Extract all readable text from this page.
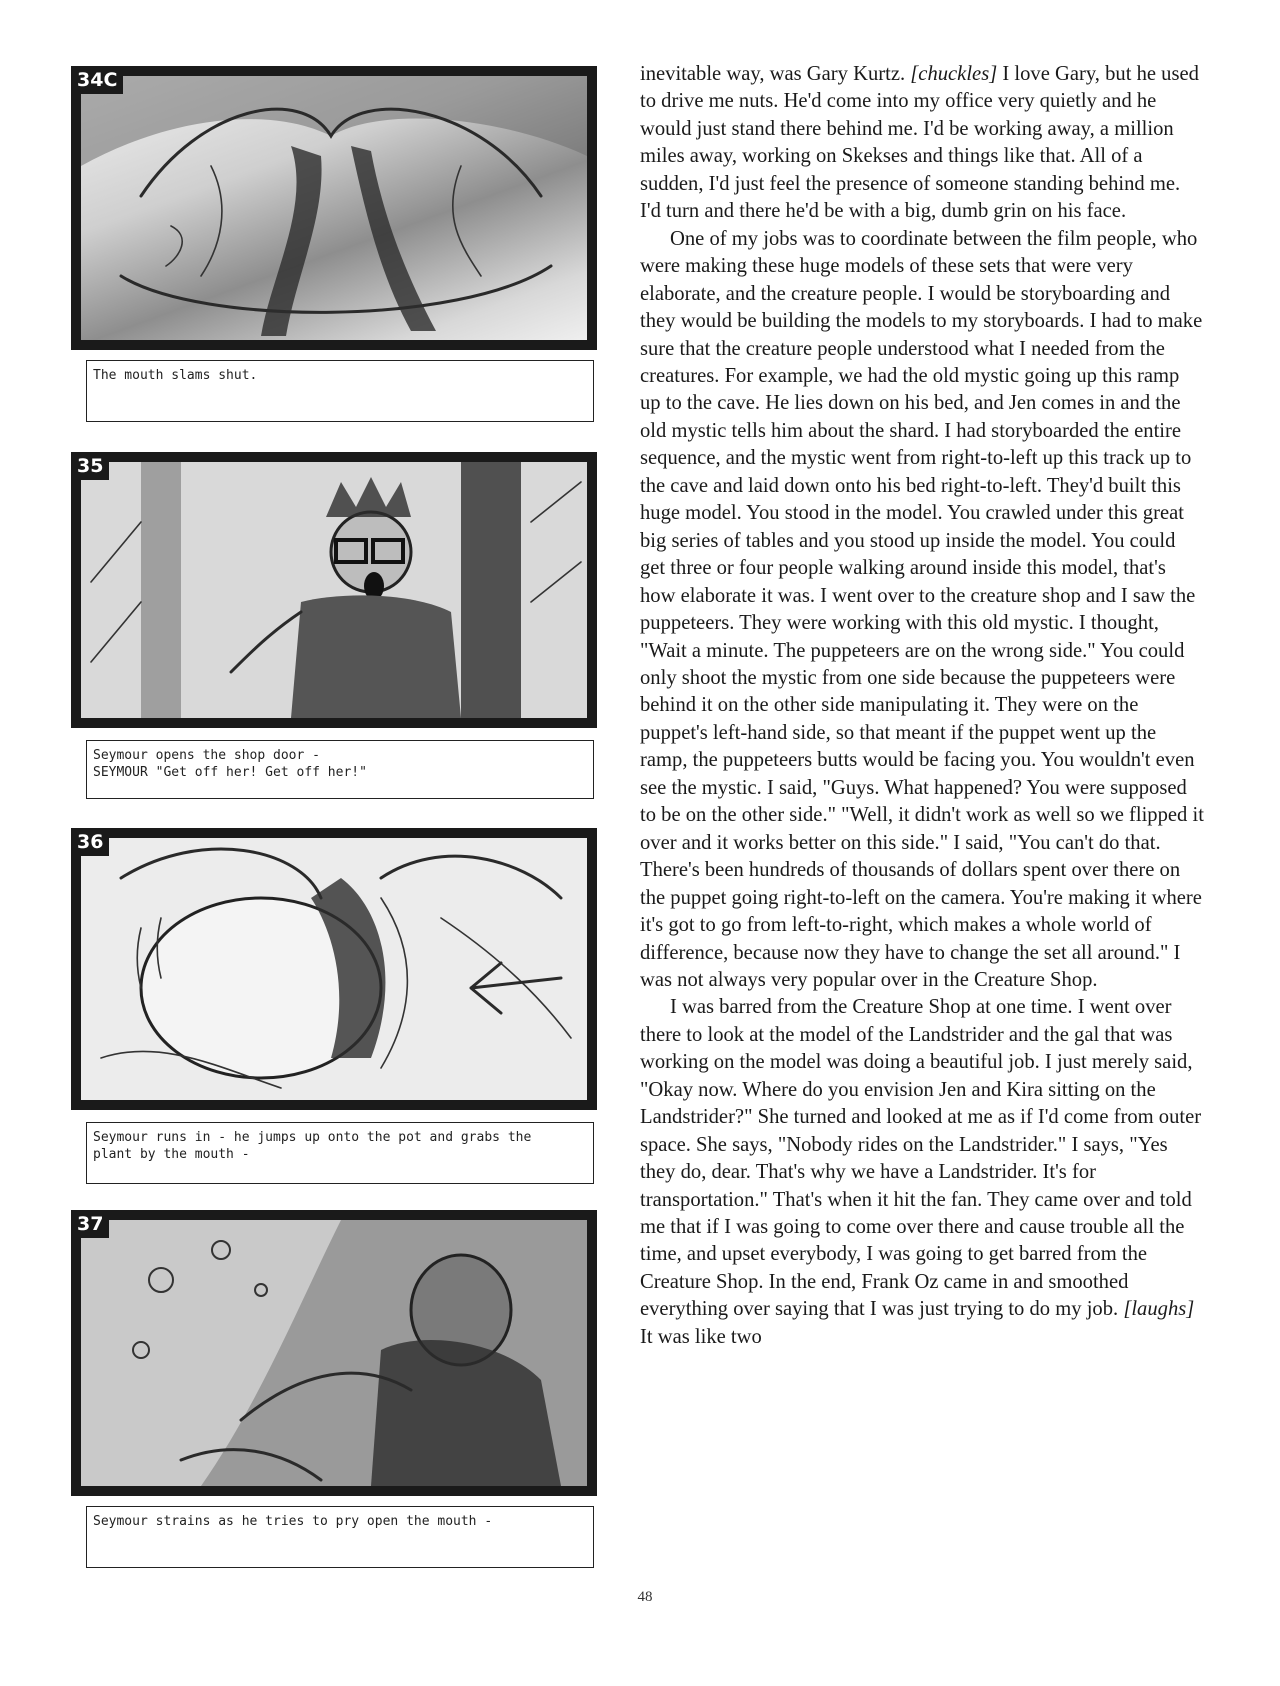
34C
The mouth slams shut.
35
Seymour opens the shop door -
SEYMOUR "Get off her! Get off her!"
36
Seymour runs in - he jumps up onto the pot and grabs the
plant by the mouth -
37
Seymour strains as he tries to pry open the mouth -

inevitable way, was Gary Kurtz. [chuckles] I love Gary, but he used to drive me nuts. He'd come into my office very quietly and he would just stand there behind me. I'd be working away, a million miles away, working on Skekses and things like that. All of a sudden, I'd just feel the presence of someone standing behind me. I'd turn and there he'd be with a big, dumb grin on his face.

One of my jobs was to coordinate between the film people, who were making these huge models of these sets that were very elaborate, and the creature people. I would be storyboarding and they would be building the models to my storyboards. I had to make sure that the creature people understood what I needed from the creatures. For example, we had the old mystic going up this ramp up to the cave. He lies down on his bed, and Jen comes in and the old mystic tells him about the shard. I had storyboarded the entire sequence, and the mystic went from right-to-left up this track up to the cave and laid down onto his bed right-to-left. They'd built this huge model. You stood in the model. You crawled under this great big series of tables and you stood up inside the model. You could get three or four people walking around inside this model, that's how elaborate it was. I went over to the creature shop and I saw the puppeteers. They were working with this old mystic. I thought, "Wait a minute. The puppeteers are on the wrong side." You could only shoot the mystic from one side because the puppeteers were behind it on the other side manipulating it. They were on the puppet's left-hand side, so that meant if the puppet went up the ramp, the puppeteers butts would be facing you. You wouldn't even see the mystic. I said, "Guys. What happened? You were supposed to be on the other side." "Well, it didn't work as well so we flipped it over and it works better on this side." I said, "You can't do that. There's been hundreds of thousands of dollars spent over there on the puppet going right-to-left on the camera. You're making it where it's got to go from left-to-right, which makes a whole world of difference, because now they have to change the set all around." I was not always very popular over in the Creature Shop.

I was barred from the Creature Shop at one time. I went over there to look at the model of the Landstrider and the gal that was working on the model was doing a beautiful job. I just merely said, "Okay now. Where do you envision Jen and Kira sitting on the Landstrider?" She turned and looked at me as if I'd come from outer space. She says, "Nobody rides on the Landstrider." I says, "Yes they do, dear. That's why we have a Landstrider. It's for transportation." That's when it hit the fan. They came over and told me that if I was going to come over there and cause trouble all the time, and upset everybody, I was going to get barred from the Creature Shop. In the end, Frank Oz came in and smoothed everything over saying that I was just trying to do my job. [laughs] It was like two

48
